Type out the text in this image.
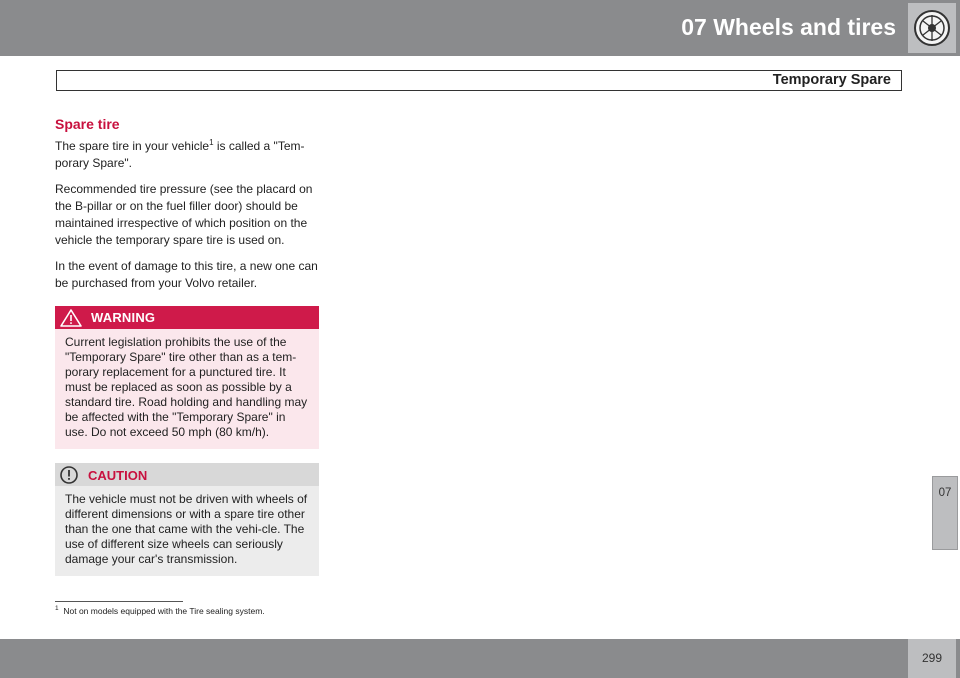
07 Wheels and tires
Temporary Spare
07
Spare tire

The spare tire in your vehicle$^1$ is called a "Tem-porary Spare".

Recommended tire pressure (see the placard on the B-pillar or on the fuel filler door) should be maintained irrespective of which position on the vehicle the temporary spare tire is used on.

In the event of damage to this tire, a new one can be purchased from your Volvo retailer.

WARNING
Current legislation prohibits the use of the "Temporary Spare" tire other than as a tem-porary replacement for a punctured tire. It must be replaced as soon as possible by a standard tire. Road holding and handling may be affected with the "Temporary Spare" in use. Do not exceed 50 mph (80 km/h).
CAUTION
The vehicle must not be driven with wheels of different dimensions or with a spare tire other than the one that came with the vehi-cle. The use of different size wheels can seriously damage your car's transmission.
$^1$ Not on models equipped with the Tire sealing system.
299
